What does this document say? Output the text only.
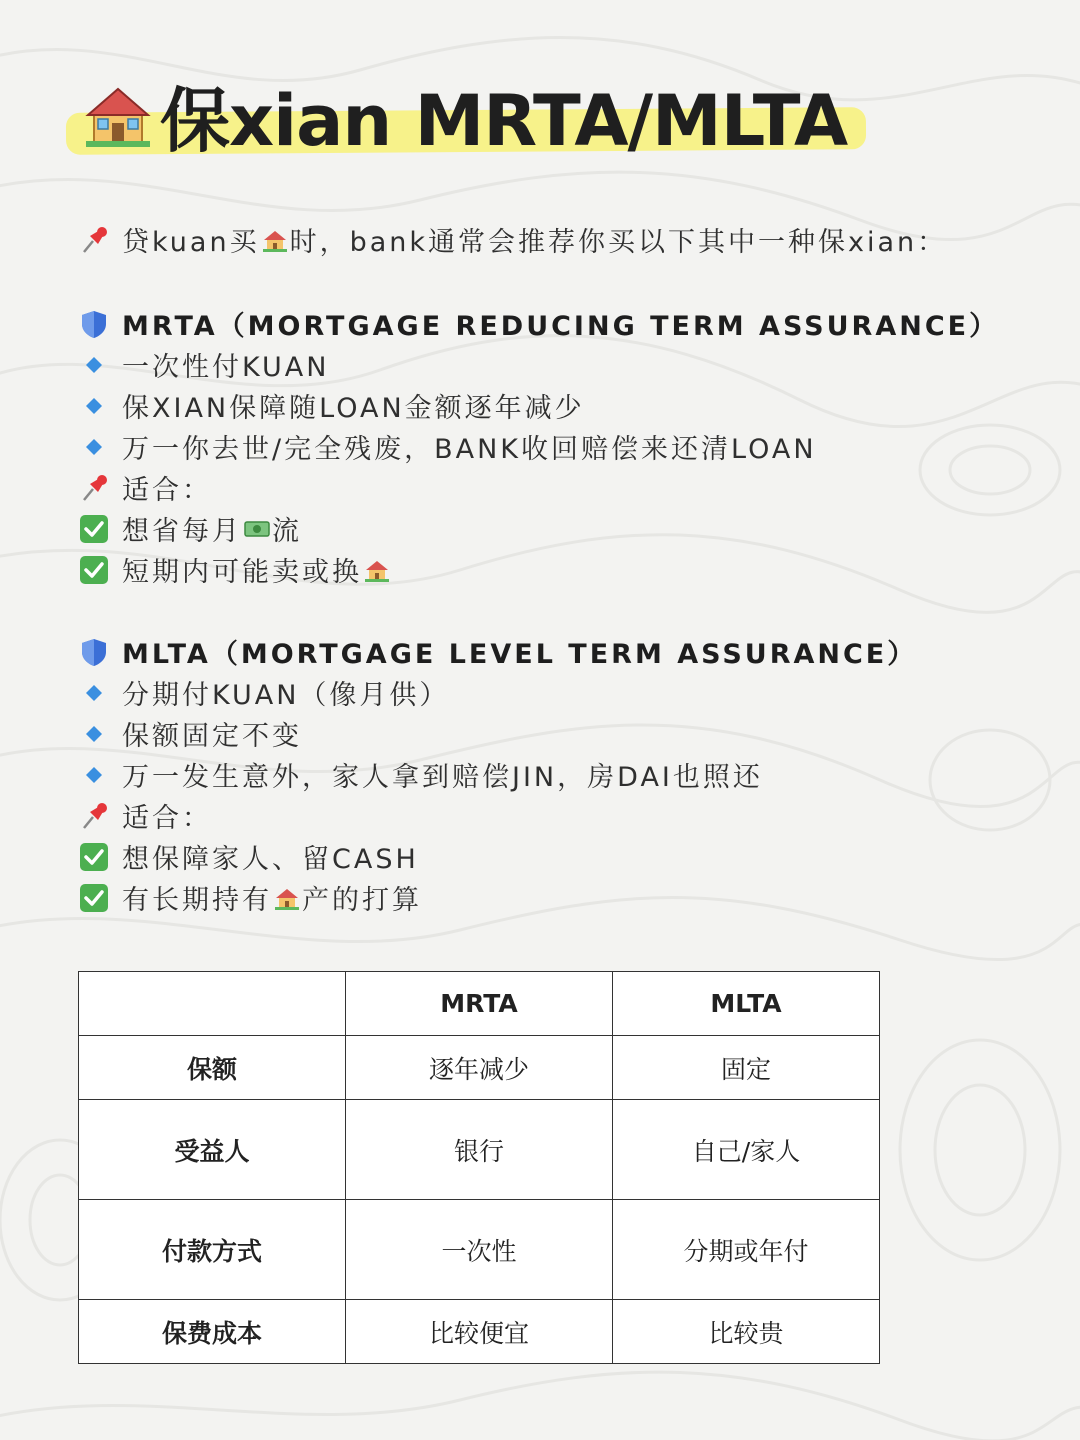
保xian MRTA/MLTA
贷kuan买 时，bank通常会推荐你买以下其中一种保xian：
MRTA（MORTGAGE REDUCING TERM ASSURANCE）
一次性付KUAN
保XIAN保障随LOAN金额逐年减少
万一你去世/完全残废，BANK收回赔偿来还清LOAN
适合：
想省每月 流
短期内可能卖或换
MLTA（MORTGAGE LEVEL TERM ASSURANCE）
分期付KUAN（像月供）
保额固定不变
万一发生意外，家人拿到赔偿JIN，房DAI也照还
适合：
想保障家人、留CASH
有长期持有 产的打算
	MRTA	MLTA
保额	逐年减少	固定
受益人	银行	自己/家人
付款方式	一次性	分期或年付
保费成本	比较便宜	比较贵
